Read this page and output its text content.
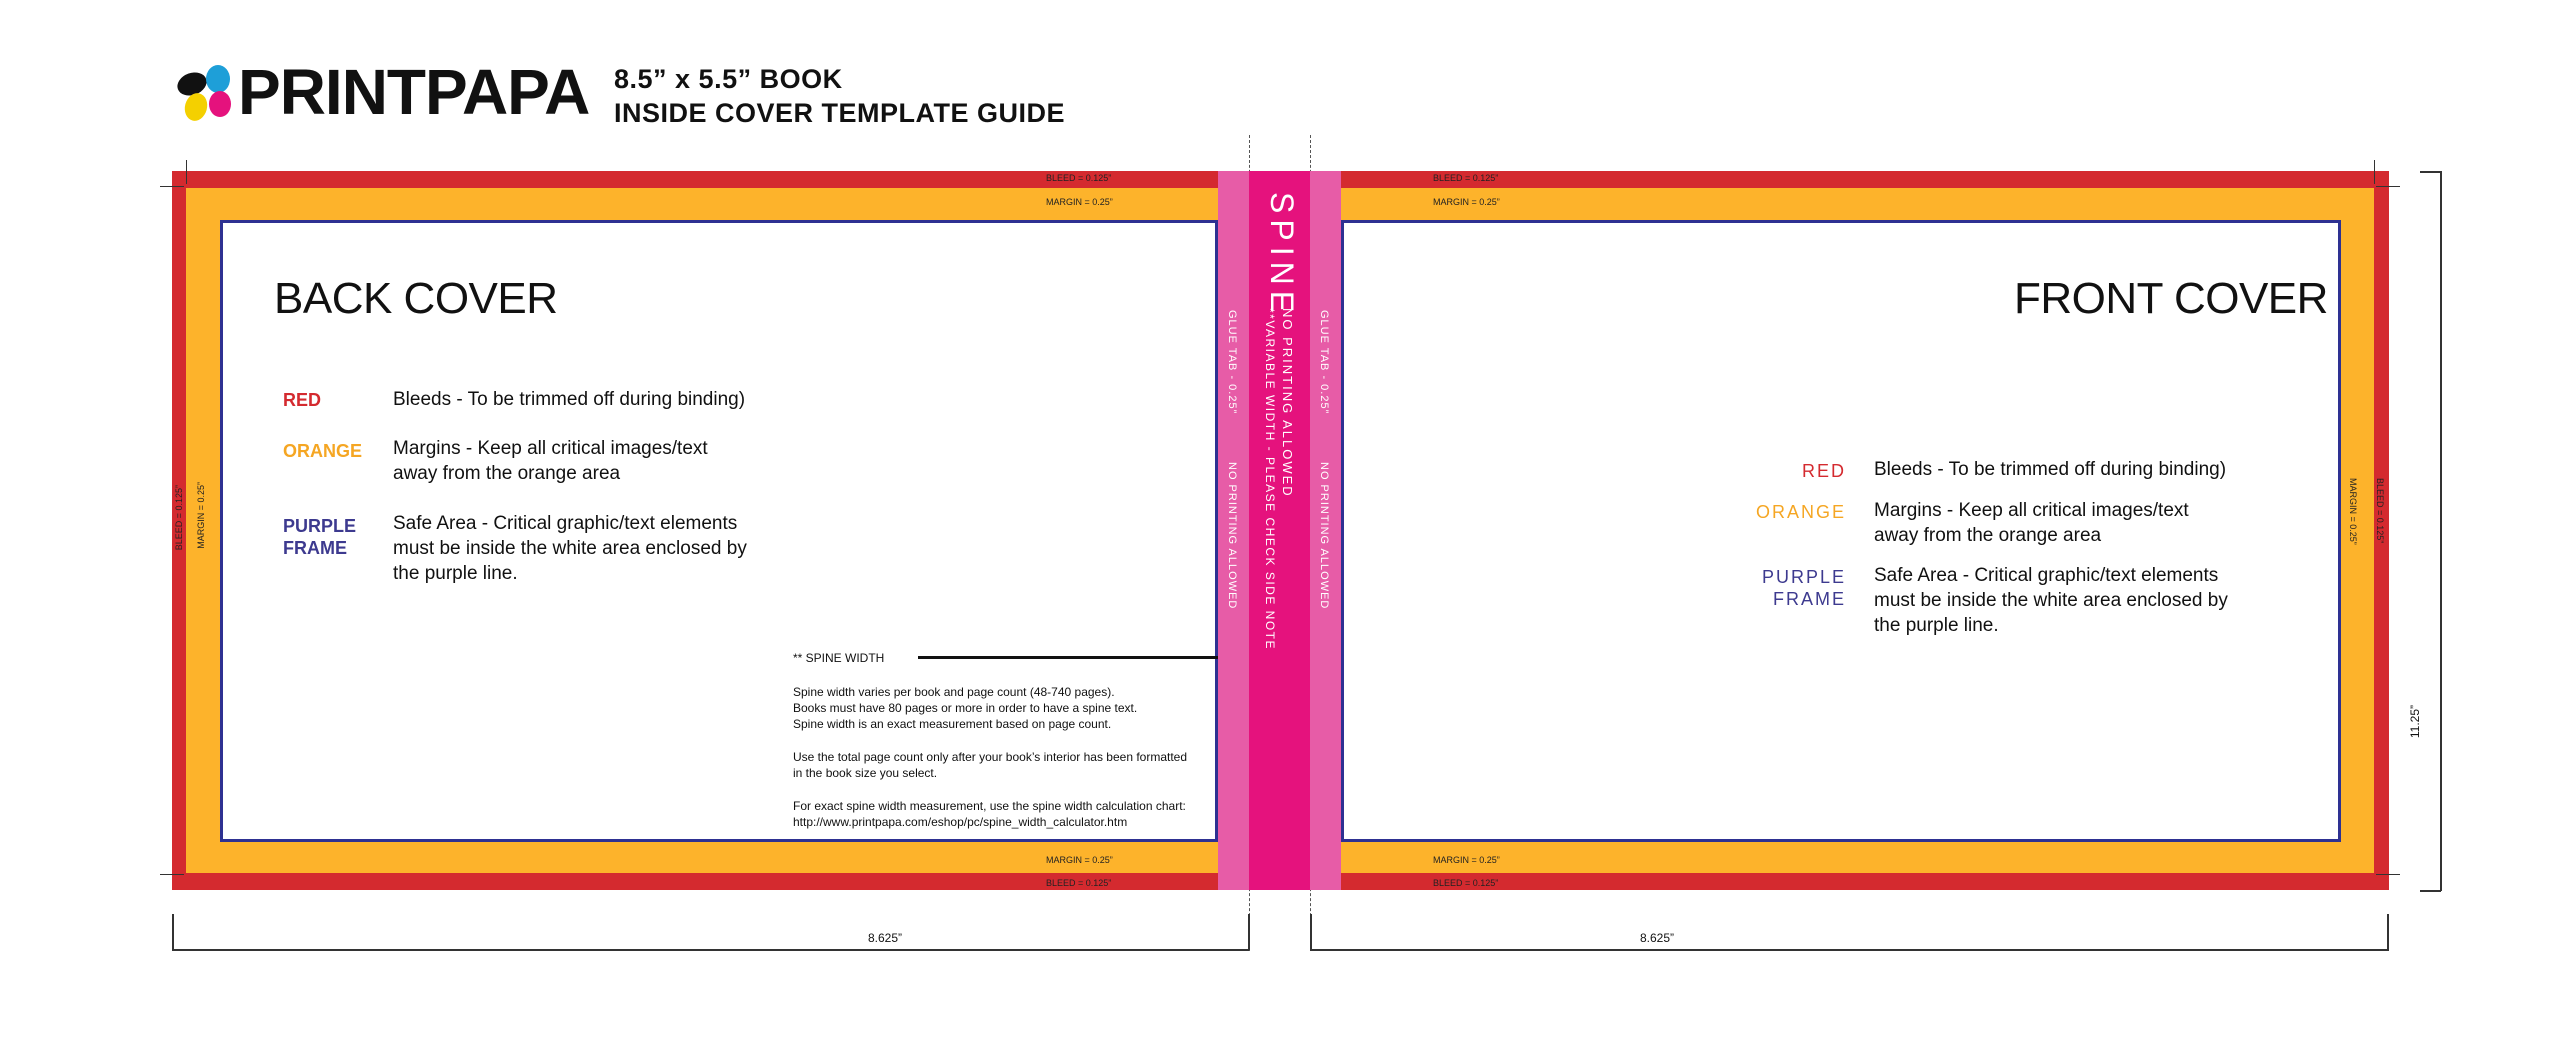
PRINTPAPA 8.5” x 5.5” BOOK
INSIDE COVER TEMPLATE GUIDE
BLEED = 0.125”
MARGIN = 0.25”
BLEED = 0.125”
MARGIN = 0.25”
MARGIN = 0.25”
BLEED = 0.125”
MARGIN = 0.25”
BLEED = 0.125”
BLEED = 0.125” MARGIN = 0.25”	MARGIN = 0.25” BLEED = 0.125”
SPINE
NO PRINTING ALLOWED
**VARIABLE WIDTH - PLEASE CHECK SIDE NOTE
GLUE TAB - 0.25”
NO PRINTING ALLOWED
GLUE TAB - 0.25”
NO PRINTING ALLOWED
BACK COVER
RED	Bleeds - To be trimmed off during binding)
ORANGE Margins - Keep all critical images/text
away from the orange area
PURPLE
FRAME
Safe Area - Critical graphic/text elements
must be inside the white area enclosed by
the purple line.
** SPINE WIDTH
Spine width varies per book and page count (48-740 pages).
Books must have 80 pages or more in order to have a spine text.
Spine width is an exact measurement based on page count.
Use the total page count only after your book’s interior has been formatted
in the book size you select.
For exact spine width measurement, use the spine width calculation chart:
http://www.printpapa.com/eshop/pc/spine_width_calculator.htm
FRONT COVER
RED Bleeds - To be trimmed off during binding)
ORANGE Margins - Keep all critical images/text
away from the orange area
PURPLE
FRAME
Safe Area - Critical graphic/text elements
must be inside the white area enclosed by
the purple line.
8.625”	8.625”
11.25”
